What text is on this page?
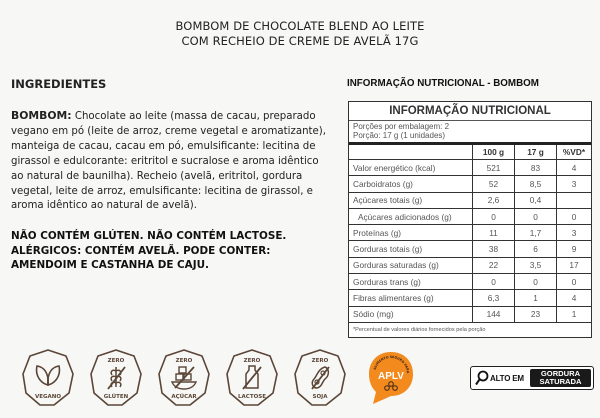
BOMBOM DE CHOCOLATE BLEND AO LEITE
COM RECHEIO DE CREME DE AVELÃ 17G
INGREDIENTES
BOMBOM: Chocolate ao leite (massa de cacau, preparado vegano em pó (leite de arroz, creme vegetal e aromatizante), manteiga de cacau, cacau em pó, emulsificante: lecitina de girassol e edulcorante: eritritol e sucralose e aroma idêntico ao natural de baunilha). Recheio (avelã, eritritol, gordura vegetal, leite de arroz, emulsificante: lecitina de girassol, e aroma idêntico ao natural de avelã).
NÃO CONTÉM GLÚTEN. NÃO CONTÉM LACTOSE.
ALÉRGICOS: CONTÉM AVELÃ. PODE CONTER:
AMENDOIM E CASTANHA DE CAJU.
INFORMAÇÃO NUTRICIONAL - BOMBOM
INFORMAÇÃO NUTRICIONAL
Porções por embalagem: 2
Porção: 17 g (1 unidades)
100 g	17 g	%VD*
Valor energético (kcal)	521	83	4
Carboidratos (g)	52	8,5	3
Açúcares totais (g)	2,6	0,4
Açúcares adicionados (g)	0	0	0
Proteínas (g)	11	1,7	3
Gorduras totais (g)	38	6	9
Gorduras saturadas (g)	22	3,5	17
Gorduras trans (g)	0	0	0
Fibras alimentares (g)	6,3	1	4
Sódio (mg)	144	23	1
*Percentual de valores diários fornecidos pela porção
VEGANO
ZERO
GLÚTEN
ZERO
AÇÚCAR
ZERO
LACTOSE
ZERO
SOJA
ALIMENTO SEGURO PARA
APLV	ALTO EM
GORDURA
SATURADA
